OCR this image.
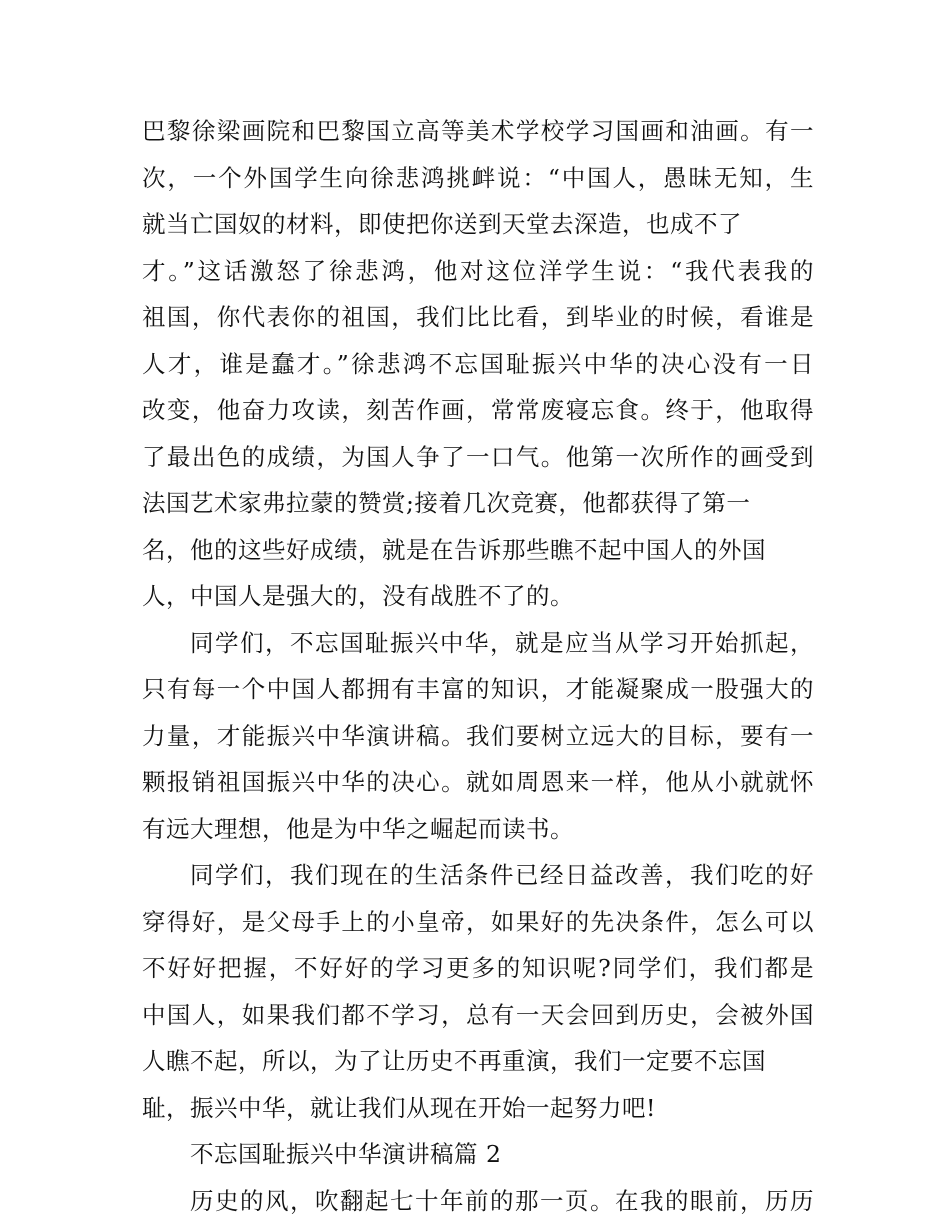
巴黎徐梁画院和巴黎国立高等美术学校学习国画和油画。有一
次，一个外国学生向徐悲鸿挑衅说：“中国人，愚昧无知，生
就当亡国奴的材料，即使把你送到天堂去深造，也成不了
才。”这话激怒了徐悲鸿，他对这位洋学生说：“我代表我的
祖国，你代表你的祖国，我们比比看，到毕业的时候，看谁是
人才，谁是蠢才。”徐悲鸿不忘国耻振兴中华的决心没有一日
改变，他奋力攻读，刻苦作画，常常废寝忘食。终于，他取得
了最出色的成绩，为国人争了一口气。他第一次所作的画受到
法国艺术家弗拉蒙的赞赏;接着几次竞赛，他都获得了第一
名，他的这些好成绩，就是在告诉那些瞧不起中国人的外国
人，中国人是强大的，没有战胜不了的。
同学们，不忘国耻振兴中华，就是应当从学习开始抓起，
只有每一个中国人都拥有丰富的知识，才能凝聚成一股强大的
力量，才能振兴中华演讲稿。我们要树立远大的目标，要有一
颗报销祖国振兴中华的决心。就如周恩来一样，他从小就就怀
有远大理想，他是为中华之崛起而读书。
同学们，我们现在的生活条件已经日益改善，我们吃的好
穿得好，是父母手上的小皇帝，如果好的先决条件，怎么可以
不好好把握，不好好的学习更多的知识呢?同学们，我们都是
中国人，如果我们都不学习，总有一天会回到历史，会被外国
人瞧不起，所以，为了让历史不再重演，我们一定要不忘国
耻，振兴中华，就让我们从现在开始一起努力吧!
不忘国耻振兴中华演讲稿篇 2
历史的风，吹翻起七十年前的那一页。在我的眼前，历历
